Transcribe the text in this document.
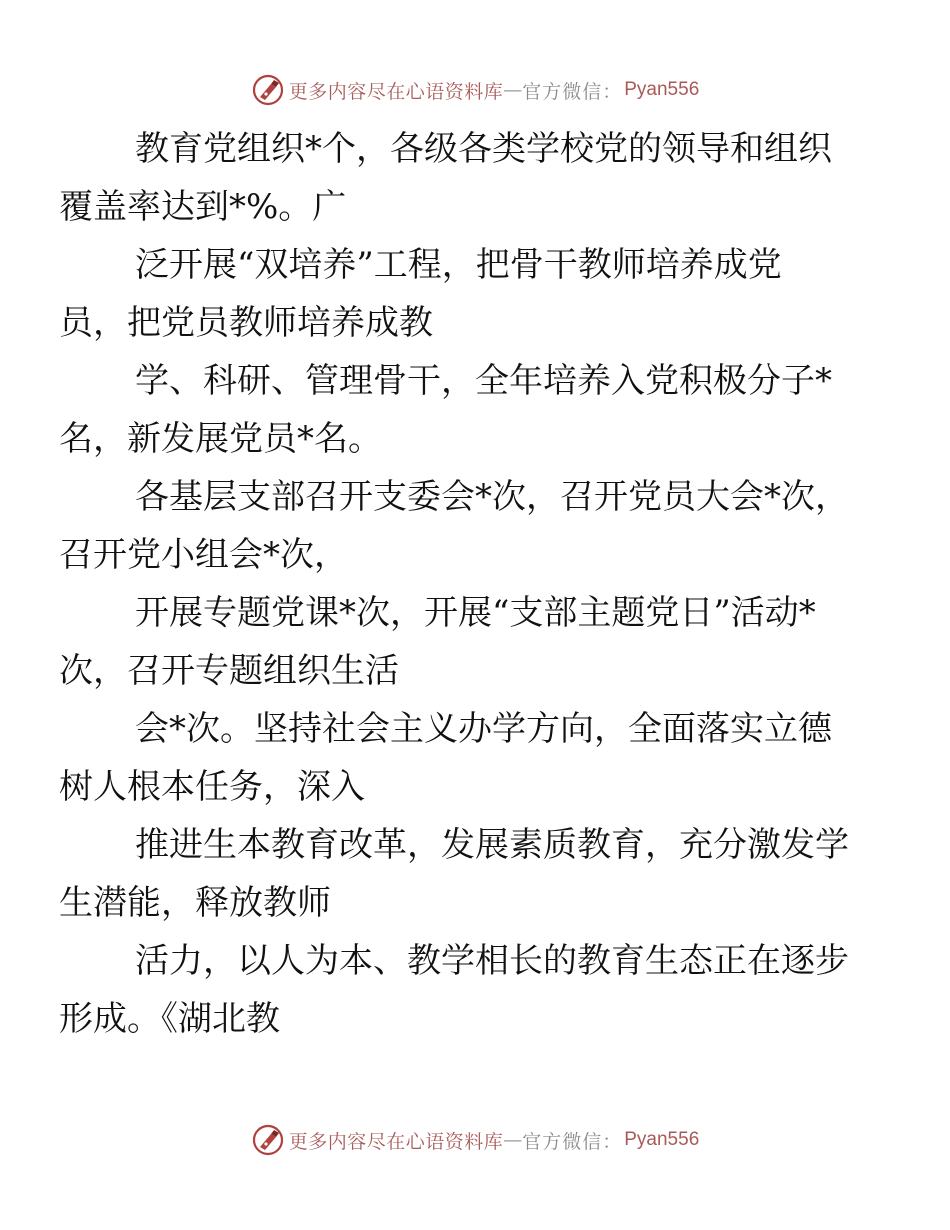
更多内容尽在心语资料库 — 官方微信： Pyan556

教育党组织*个，各级各类学校党的领导和组织
覆盖率达到*%。广

泛开展“双培养”工程，把骨干教师培养成党
员，把党员教师培养成教

学、科研、管理骨干，全年培养入党积极分子*
名，新发展党员*名。

各基层支部召开支委会*次，召开党员大会*次，
召开党小组会*次，

开展专题党课*次，开展“支部主题党日”活动*
次，召开专题组织生活

会*次。坚持社会主义办学方向，全面落实立德
树人根本任务，深入

推进生本教育改革，发展素质教育，充分激发学
生潜能，释放教师

活力，以人为本、教学相长的教育生态正在逐步
形成。《湖北教

更多内容尽在心语资料库 — 官方微信： Pyan556
